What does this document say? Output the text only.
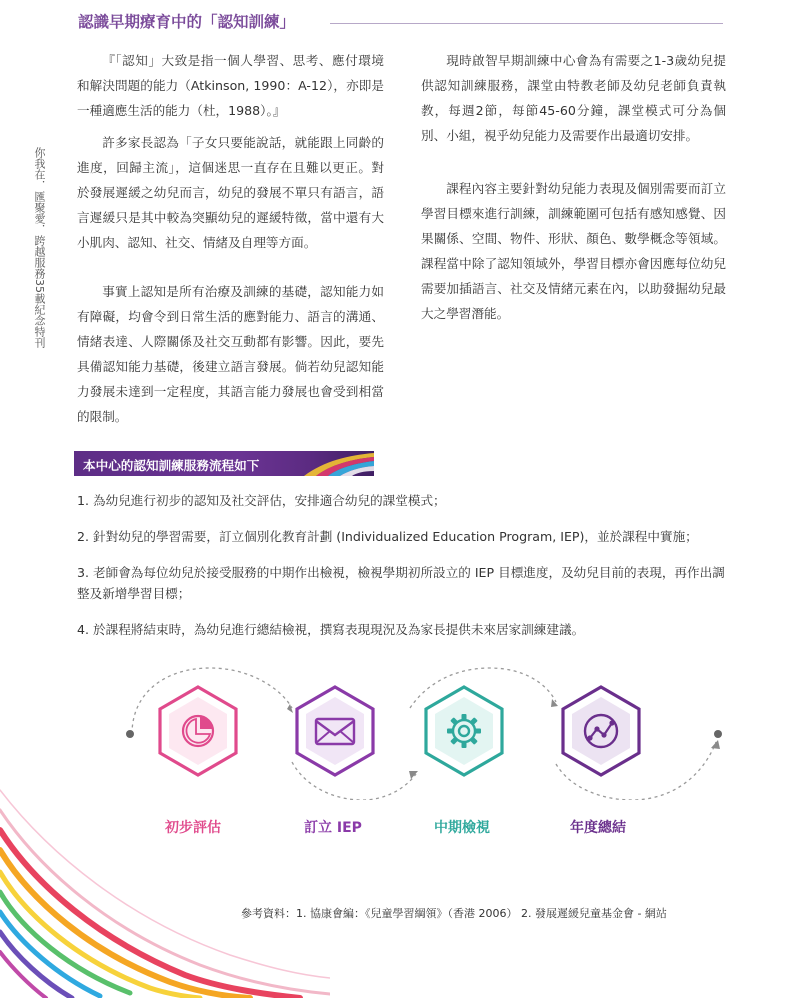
認識早期療育中的「認知訓練」
你我在．匯聚愛．跨越服務35載紀念特刊

『「認知」大致是指一個人學習、思考、應付環境和解決問題的能力（Atkinson, 1990：A-12），亦即是一種適應生活的能力（杜，1988）。』

許多家長認為「子女只要能說話，就能跟上同齡的進度，回歸主流」，這個迷思一直存在且難以更正。對於發展遲緩之幼兒而言，幼兒的發展不單只有語言，語言遲緩只是其中較為突顯幼兒的遲緩特徵，當中還有大小肌肉、認知、社交、情緒及自理等方面。

事實上認知是所有治療及訓練的基礎，認知能力如有障礙，均會令到日常生活的應對能力、語言的溝通、情緒表達、人際關係及社交互動都有影響。因此，要先具備認知能力基礎，後建立語言發展。倘若幼兒認知能力發展未達到一定程度，其語言能力發展也會受到相當的限制。

現時啟智早期訓練中心會為有需要之1-3歲幼兒提供認知訓練服務，課堂由特教老師及幼兒老師負責執教，每週2節，每節45-60分鐘，課堂模式可分為個別、小組，視乎幼兒能力及需要作出最適切安排。

課程內容主要針對幼兒能力表現及個別需要而訂立學習目標來進行訓練，訓練範圍可包括有感知感覺、因果關係、空間、物件、形狀、顏色、數學概念等領域。課程當中除了認知領域外，學習目標亦會因應每位幼兒需要加插語言、社交及情緒元素在內，以助發掘幼兒最大之學習潛能。

本中心的認知訓練服務流程如下

1. 為幼兒進行初步的認知及社交評估，安排適合幼兒的課堂模式；

2. 針對幼兒的學習需要，訂立個別化教育計劃 (Individualized Education Program, IEP)，並於課程中實施；

3. 老師會為每位幼兒於接受服務的中期作出檢視，檢視學期初所設立的 IEP 目標進度，及幼兒目前的表現，再作出調整及新增學習目標；

4. 於課程將結束時，為幼兒進行總結檢視，撰寫表現現況及為家長提供未來居家訓練建議。

初步評估	訂立 IEP	中期檢視	年度總結
參考資料：1. 協康會編：《兒童學習綱領》（香港 2006） 2. 發展遲緩兒童基金會 - 網站
